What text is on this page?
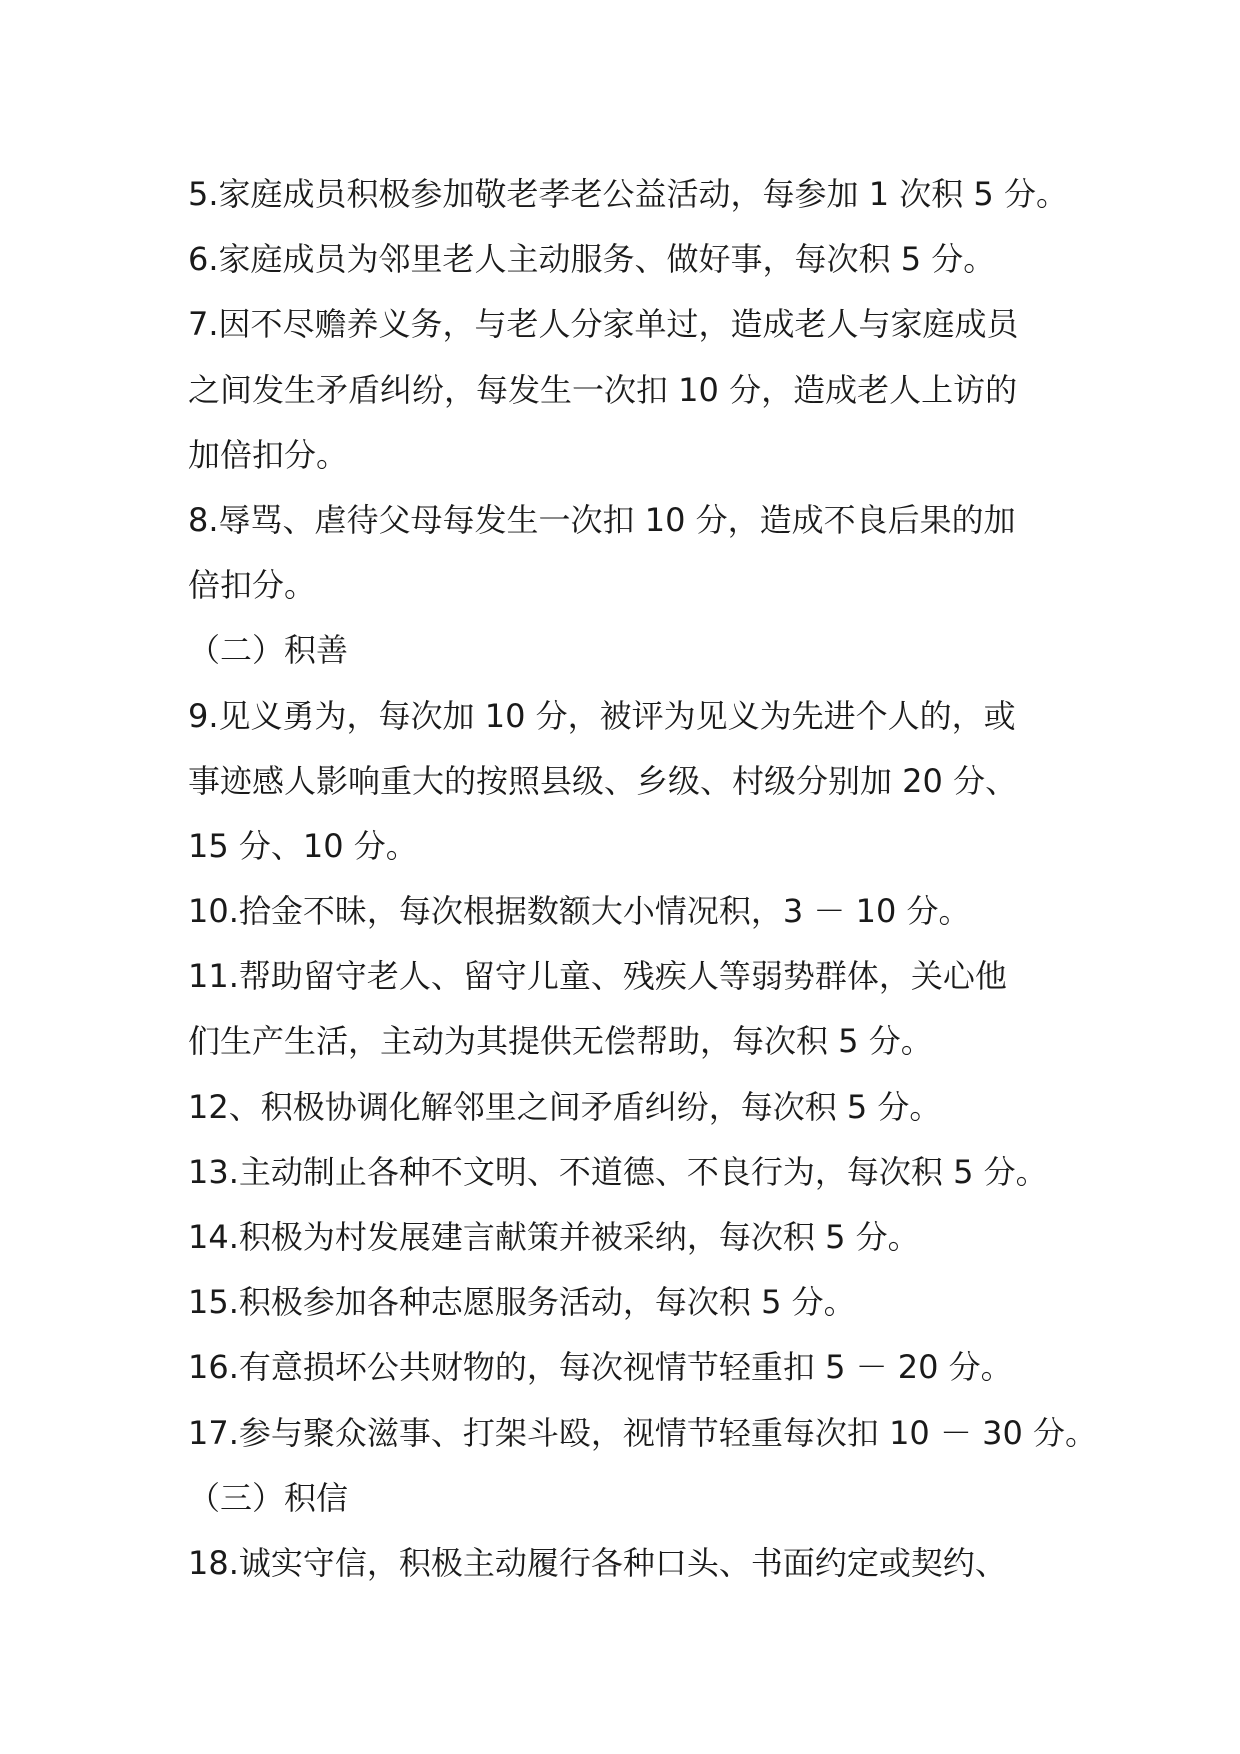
5.家庭成员积极参加敬老孝老公益活动，每参加 1 次积 5 分。
6.家庭成员为邻里老人主动服务、做好事，每次积 5 分。
7.因不尽赡养义务，与老人分家单过，造成老人与家庭成员
之间发生矛盾纠纷，每发生一次扣 10 分，造成老人上访的
加倍扣分。
8.辱骂、虐待父母每发生一次扣 10 分，造成不良后果的加
倍扣分。
（二）积善
9.见义勇为，每次加 10 分，被评为见义为先进个人的，或
事迹感人影响重大的按照县级、乡级、村级分别加 20 分、
15 分、10 分。
10.拾金不昧，每次根据数额大小情况积，3 － 10 分。
11.帮助留守老人、留守儿童、残疾人等弱势群体，关心他
们生产生活，主动为其提供无偿帮助，每次积 5 分。
12、积极协调化解邻里之间矛盾纠纷，每次积 5 分。
13.主动制止各种不文明、不道德、不良行为，每次积 5 分。
14.积极为村发展建言献策并被采纳，每次积 5 分。
15.积极参加各种志愿服务活动，每次积 5 分。
16.有意损坏公共财物的，每次视情节轻重扣 5 － 20 分。
17.参与聚众滋事、打架斗殴，视情节轻重每次扣 10 － 30 分。
（三）积信
18.诚实守信，积极主动履行各种口头、书面约定或契约、
